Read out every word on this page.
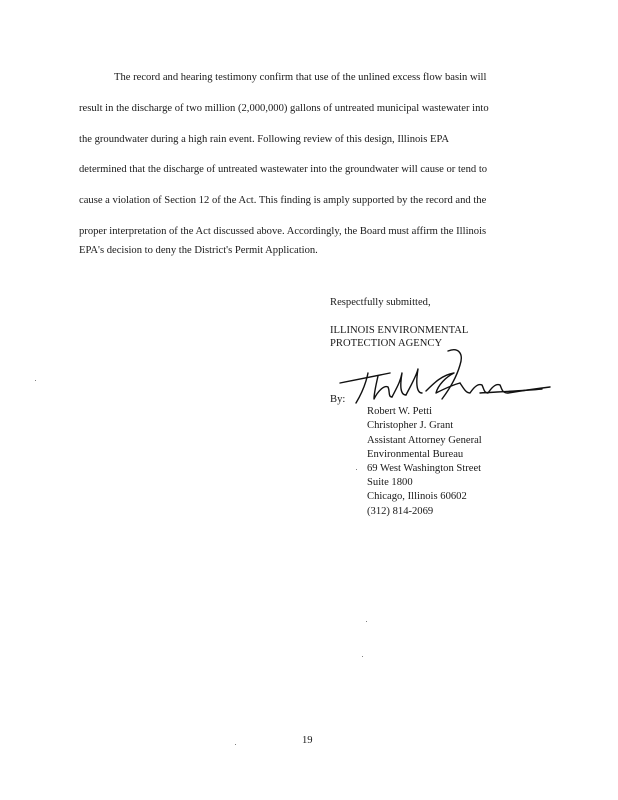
The record and hearing testimony confirm that use of the unlined excess flow basin will
result in the discharge of two million (2,000,000) gallons of untreated municipal wastewater into
the groundwater during a high rain event. Following review of this design, Illinois EPA
determined that the discharge of untreated wastewater into the groundwater will cause or tend to
cause a violation of Section 12 of the Act. This finding is amply supported by the record and the
proper interpretation of the Act discussed above. Accordingly, the Board must affirm the Illinois
EPA's decision to deny the District's Permit Application.
Respectfully submitted,
ILLINOIS ENVIRONMENTAL
PROTECTION AGENCY
By:
Robert W. Petti
Christopher J. Grant
Assistant Attorney General
Environmental Bureau
69 West Washington Street
Suite 1800
Chicago, Illinois 60602
(312) 814-2069
19
